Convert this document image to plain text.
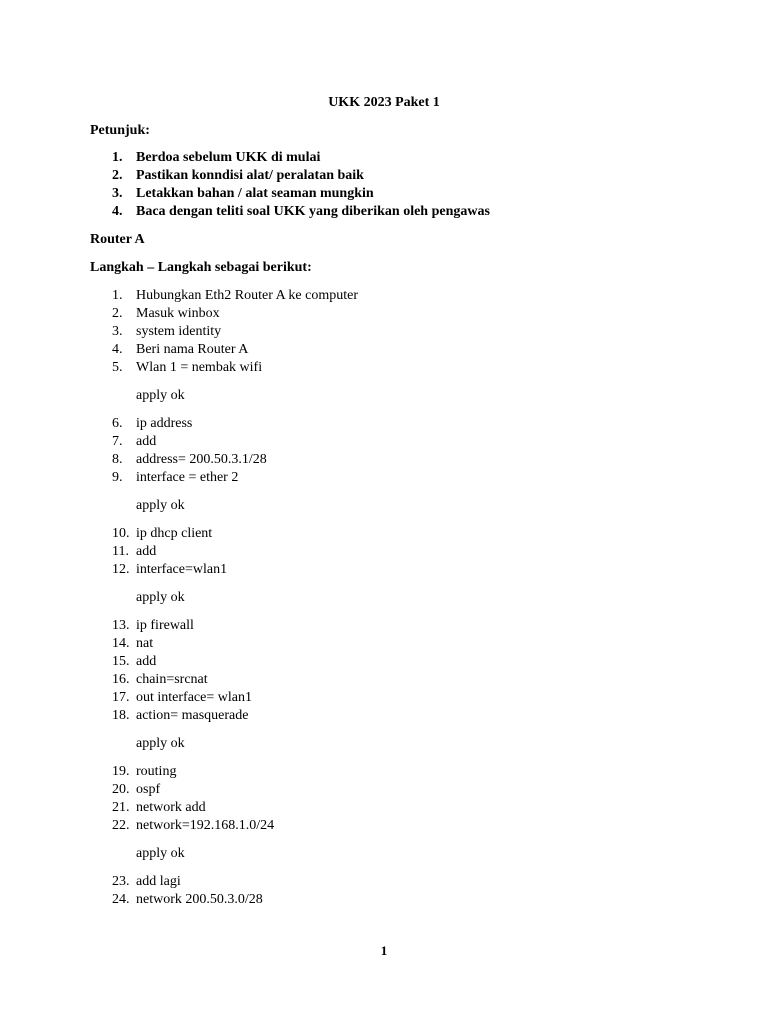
UKK 2023 Paket 1
Petunjuk:
1. Berdoa sebelum UKK di mulai
2. Pastikan konndisi alat/ peralatan baik
3. Letakkan bahan / alat seaman mungkin
4. Baca dengan teliti soal UKK yang diberikan oleh pengawas
Router A
Langkah – Langkah sebagai berikut:
1. Hubungkan Eth2 Router A ke computer
2. Masuk winbox
3. system identity
4. Beri nama Router A
5. Wlan 1 = nembak wifi
apply ok
6. ip address
7. add
8. address= 200.50.3.1/28
9. interface = ether 2
apply ok
10. ip dhcp client
11. add
12. interface=wlan1
apply ok
13. ip firewall
14. nat
15. add
16. chain=srcnat
17. out interface= wlan1
18. action= masquerade
apply ok
19. routing
20. ospf
21. network add
22. network=192.168.1.0/24
apply ok
23. add lagi
24. network 200.50.3.0/28
1
